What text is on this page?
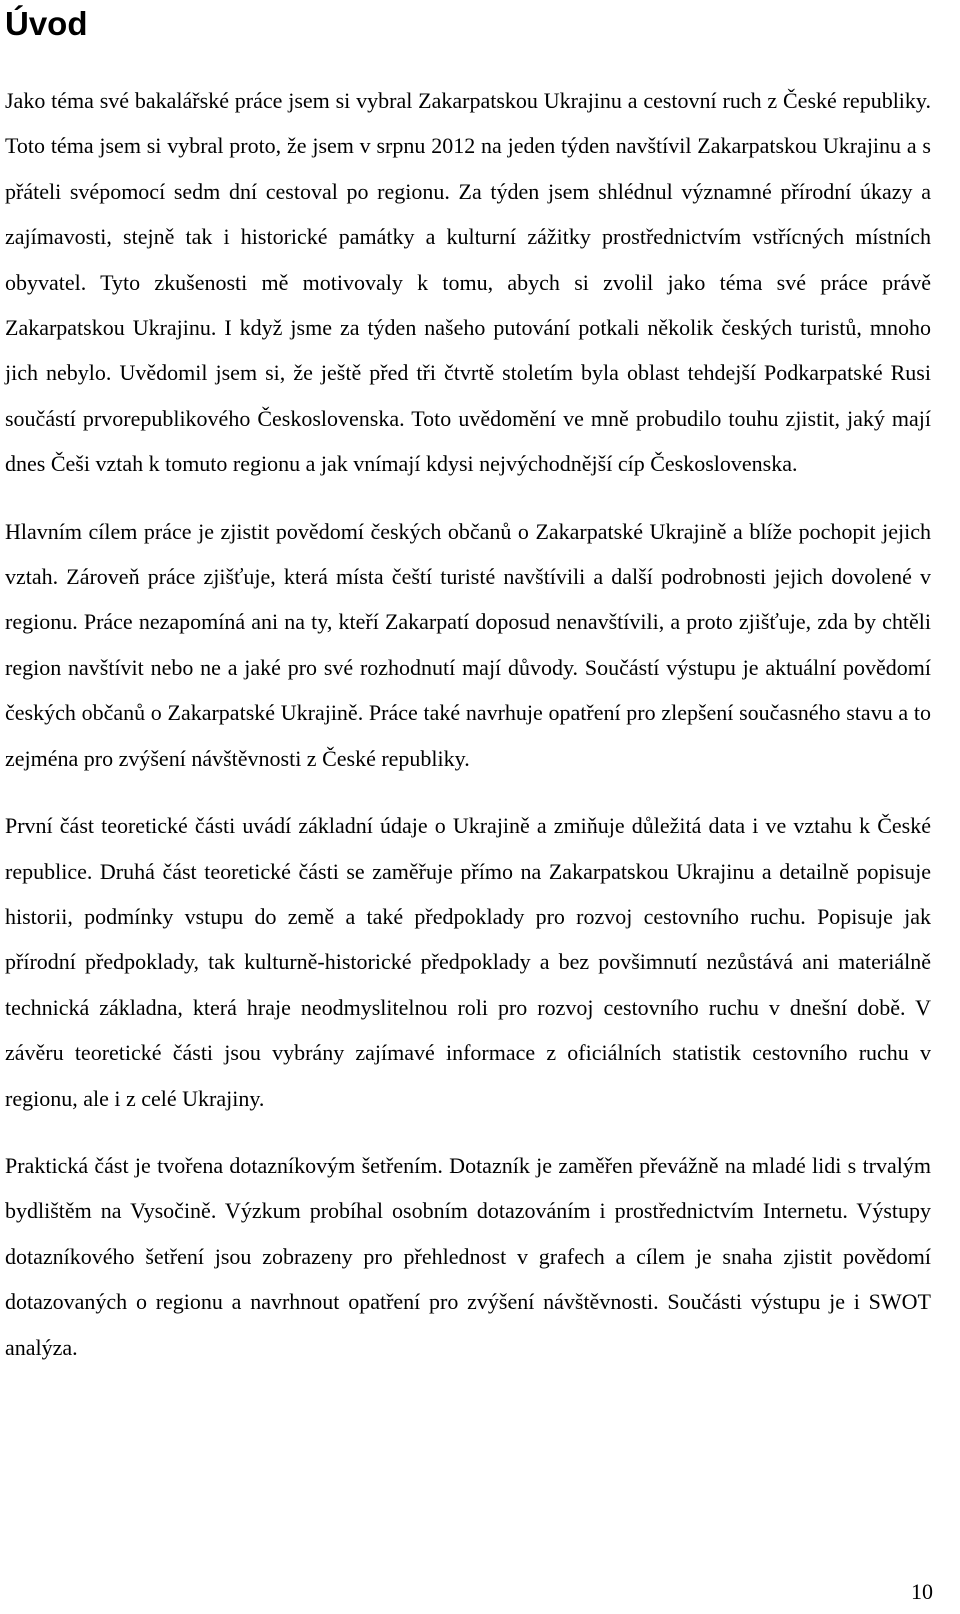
Úvod

Jako téma své bakalářské práce jsem si vybral Zakarpatskou Ukrajinu a cestovní ruch z České republiky. Toto téma jsem si vybral proto, že jsem v srpnu 2012 na jeden týden navštívil Zakarpatskou Ukrajinu a s přáteli svépomocí sedm dní cestoval po regionu. Za týden jsem shlédnul významné přírodní úkazy a zajímavosti, stejně tak i historické památky a kulturní zážitky prostřednictvím vstřícných místních obyvatel. Tyto zkušenosti mě motivovaly k tomu, abych si zvolil jako téma své práce právě Zakarpatskou Ukrajinu. I když jsme za týden našeho putování potkali několik českých turistů, mnoho jich nebylo. Uvědomil jsem si, že ještě před tři čtvrtě stoletím byla oblast tehdejší Podkarpatské Rusi součástí prvorepublikového Československa. Toto uvědomění ve mně probudilo touhu zjistit, jaký mají dnes Češi vztah k tomuto regionu a jak vnímají kdysi nejvýchodnější cíp Československa.

Hlavním cílem práce je zjistit povědomí českých občanů o Zakarpatské Ukrajině a blíže pochopit jejich vztah. Zároveň práce zjišťuje, která místa čeští turisté navštívili a další podrobnosti jejich dovolené v regionu. Práce nezapomíná ani na ty, kteří Zakarpatí doposud nenavštívili, a proto zjišťuje, zda by chtěli region navštívit nebo ne a jaké pro své rozhodnutí mají důvody. Součástí výstupu je aktuální povědomí českých občanů o Zakarpatské Ukrajině. Práce také navrhuje opatření pro zlepšení současného stavu a to zejména pro zvýšení návštěvnosti z České republiky.

První část teoretické části uvádí základní údaje o Ukrajině a zmiňuje důležitá data i ve vztahu k České republice. Druhá část teoretické části se zaměřuje přímo na Zakarpatskou Ukrajinu a detailně popisuje historii, podmínky vstupu do země a také předpoklady pro rozvoj cestovního ruchu. Popisuje jak přírodní předpoklady, tak kulturně-historické předpoklady a bez povšimnutí nezůstává ani materiálně technická základna, která hraje neodmyslitelnou roli pro rozvoj cestovního ruchu v dnešní době. V závěru teoretické části jsou vybrány zajímavé informace z oficiálních statistik cestovního ruchu v regionu, ale i z celé Ukrajiny.

Praktická část je tvořena dotazníkovým šetřením. Dotazník je zaměřen převážně na mladé lidi s trvalým bydlištěm na Vysočině. Výzkum probíhal osobním dotazováním i prostřednictvím Internetu. Výstupy dotazníkového šetření jsou zobrazeny pro přehlednost v grafech a cílem je snaha zjistit povědomí dotazovaných o regionu a navrhnout opatření pro zvýšení návštěvnosti. Součásti výstupu je i SWOT analýza.

10
